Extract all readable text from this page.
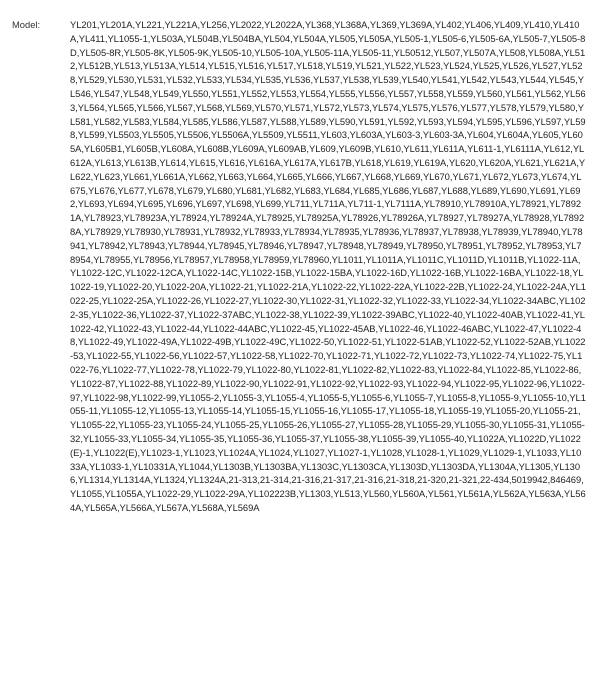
Model:	YL201,YL201A,YL221,YL221A,YL256,YL2022,YL2022A,YL368,YL368A,YL369,YL369A,YL402,YL406,YL409,YL410,YL410A,YL411,YL1055-1,YL503A,YL504B,YL504BA,YL504,YL504A,YL505,YL505A,YL505-1,YL505-6,YL505-6A,YL505-7,YL505-8D,YL505-8R,YL505-8K,YL505-9K,YL505-10,YL505-10A,YL505-11A,YL505-11,YL50512,YL507,YL507A,YL508,YL508A,YL512,YL512B,YL513,YL513A,YL514,YL515,YL516,YL517,YL518,YL519,YL521,YL522,YL523,YL524,YL525,YL526,YL527,YL528,YL529,YL530,YL531,YL532,YL533,YL534,YL535,YL536,YL537,YL538,YL539,YL540,YL541,YL542,YL543,YL544,YL545,YL546,YL547,YL548,YL549,YL550,YL551,YL552,YL553,YL554,YL555,YL556,YL557,YL558,YL559,YL560,YL561,YL562,YL563,YL564,YL565,YL566,YL567,YL568,YL569,YL570,YL571,YL572,YL573,YL574,YL575,YL576,YL577,YL578,YL579,YL580,YL581,YL582,YL583,YL584,YL585,YL586,YL587,YL588,YL589,YL590,YL591,YL592,YL593,YL594,YL595,YL596,YL597,YL598,YL599,YL5503,YL5505,YL5506,YL5506A,YL5509,YL5511,YL603,YL603A,YL603-3,YL603-3A,YL604,YL604A,YL605,YL605A,YL605B1,YL605B,YL608A,YL608B,YL609A,YL609AB,YL609,YL609B,YL610,YL611,YL611A,YL611-1,YL6111A,YL612,YL612A,YL613,YL613B,YL614,YL615,YL616,YL616A,YL617A,YL617B,YL618,YL619,YL619A,YL620,YL620A,YL621,YL621A,YL622,YL623,YL661,YL661A,YL662,YL663,YL664,YL665,YL666,YL667,YL668,YL669,YL670,YL671,YL672,YL673,YL674,YL675,YL676,YL677,YL678,YL679,YL680,YL681,YL682,YL683,YL684,YL685,YL686,YL687,YL688,YL689,YL690,YL691,YL692,YL693,YL694,YL695,YL696,YL697,YL698,YL699,YL711,YL711A,YL711-1,YL7111A,YL78910,YL78910A,YL78921,YL78921A,YL78923,YL78923A,YL78924,YL78924A,YL78925,YL78925A,YL78926,YL78926A,YL78927,YL78927A,YL78928,YL78928A,YL78929,YL78930,YL78931,YL78932,YL78933,YL78934,YL78935,YL78936,YL78937,YL78938,YL78939,YL78940,YL78941,YL78942,YL78943,YL78944,YL78945,YL78946,YL78947,YL78948,YL78949,YL78950,YL78951,YL78952,YL78953,YL78954,YL78955,YL78956,YL78957,YL78958,YL78959,YL78960,YL1011,YL1011A,YL1011C,YL1011D,YL1011B,YL1022-11A,YL1022-12C,YL1022-12CA,YL1022-14C,YL1022-15B,YL1022-15BA,YL1022-16D,YL1022-16B,YL1022-16BA,YL1022-18,YL1022-19,YL1022-20,YL1022-20A,YL1022-21,YL1022-21A,YL1022-22,YL1022-22A,YL1022-22B,YL1022-24,YL1022-24A,YL1022-25,YL1022-25A,YL1022-26,YL1022-27,YL1022-30,YL1022-31,YL1022-32,YL1022-33,YL1022-34,YL1022-34ABC,YL1022-35,YL1022-36,YL1022-37,YL1022-37ABC,YL1022-38,YL1022-39,YL1022-39ABC,YL1022-40,YL1022-40AB,YL1022-41,YL1022-42,YL1022-43,YL1022-44,YL1022-44ABC,YL1022-45,YL1022-45AB,YL1022-46,YL1022-46ABC,YL1022-47,YL1022-48,YL1022-49,YL1022-49A,YL1022-49B,YL1022-49C,YL1022-50,YL1022-51,YL1022-51AB,YL1022-52,YL1022-52AB,YL1022-53,YL1022-55,YL1022-56,YL1022-57,YL1022-58,YL1022-70,YL1022-71,YL1022-72,YL1022-73,YL1022-74,YL1022-75,YL1022-76,YL1022-77,YL1022-78,YL1022-79,YL1022-80,YL1022-81,YL1022-82,YL1022-83,YL1022-84,YL1022-85,YL1022-86,YL1022-87,YL1022-88,YL1022-89,YL1022-90,YL1022-91,YL1022-92,YL1022-93,YL1022-94,YL1022-95,YL1022-96,YL1022-97,YL1022-98,YL1022-99,YL1055-2,YL1055-3,YL1055-4,YL1055-5,YL1055-6,YL1055-7,YL1055-8,YL1055-9,YL1055-10,YL1055-11,YL1055-12,YL1055-13,YL1055-14,YL1055-15,YL1055-16,YL1055-17,YL1055-18,YL1055-19,YL1055-20,YL1055-21,YL1055-22,YL1055-23,YL1055-24,YL1055-25,YL1055-26,YL1055-27,YL1055-28,YL1055-29,YL1055-30,YL1055-31,YL1055-32,YL1055-33,YL1055-34,YL1055-35,YL1055-36,YL1055-37,YL1055-38,YL1055-39,YL1055-40,YL1022A,YL1022D,YL1022(E)-1,YL1022(E),YL1023-1,YL1023,YL1024A,YL1024,YL1027,YL1027-1,YL1028,YL1028-1,YL1029,YL1029-1,YL1033,YL1033A,YL1033-1,YL10331A,YL1044,YL1303B,YL1303BA,YL1303C,YL1303CA,YL1303D,YL1303DA,YL1304A,YL1305,YL1306,YL1314,YL1314A,YL1324,YL1324A,21-313,21-314,21-316,21-317,21-316,21-318,21-320,21-321,22-434,5019942,846469,YL1055,YL1055A,YL1022-29,YL1022-29A,YL102223B,YL1303,YL513,YL560,YL560A,YL561,YL561A,YL562A,YL563A,YL564A,YL565A,YL566A,YL567A,YL568A,YL569A
